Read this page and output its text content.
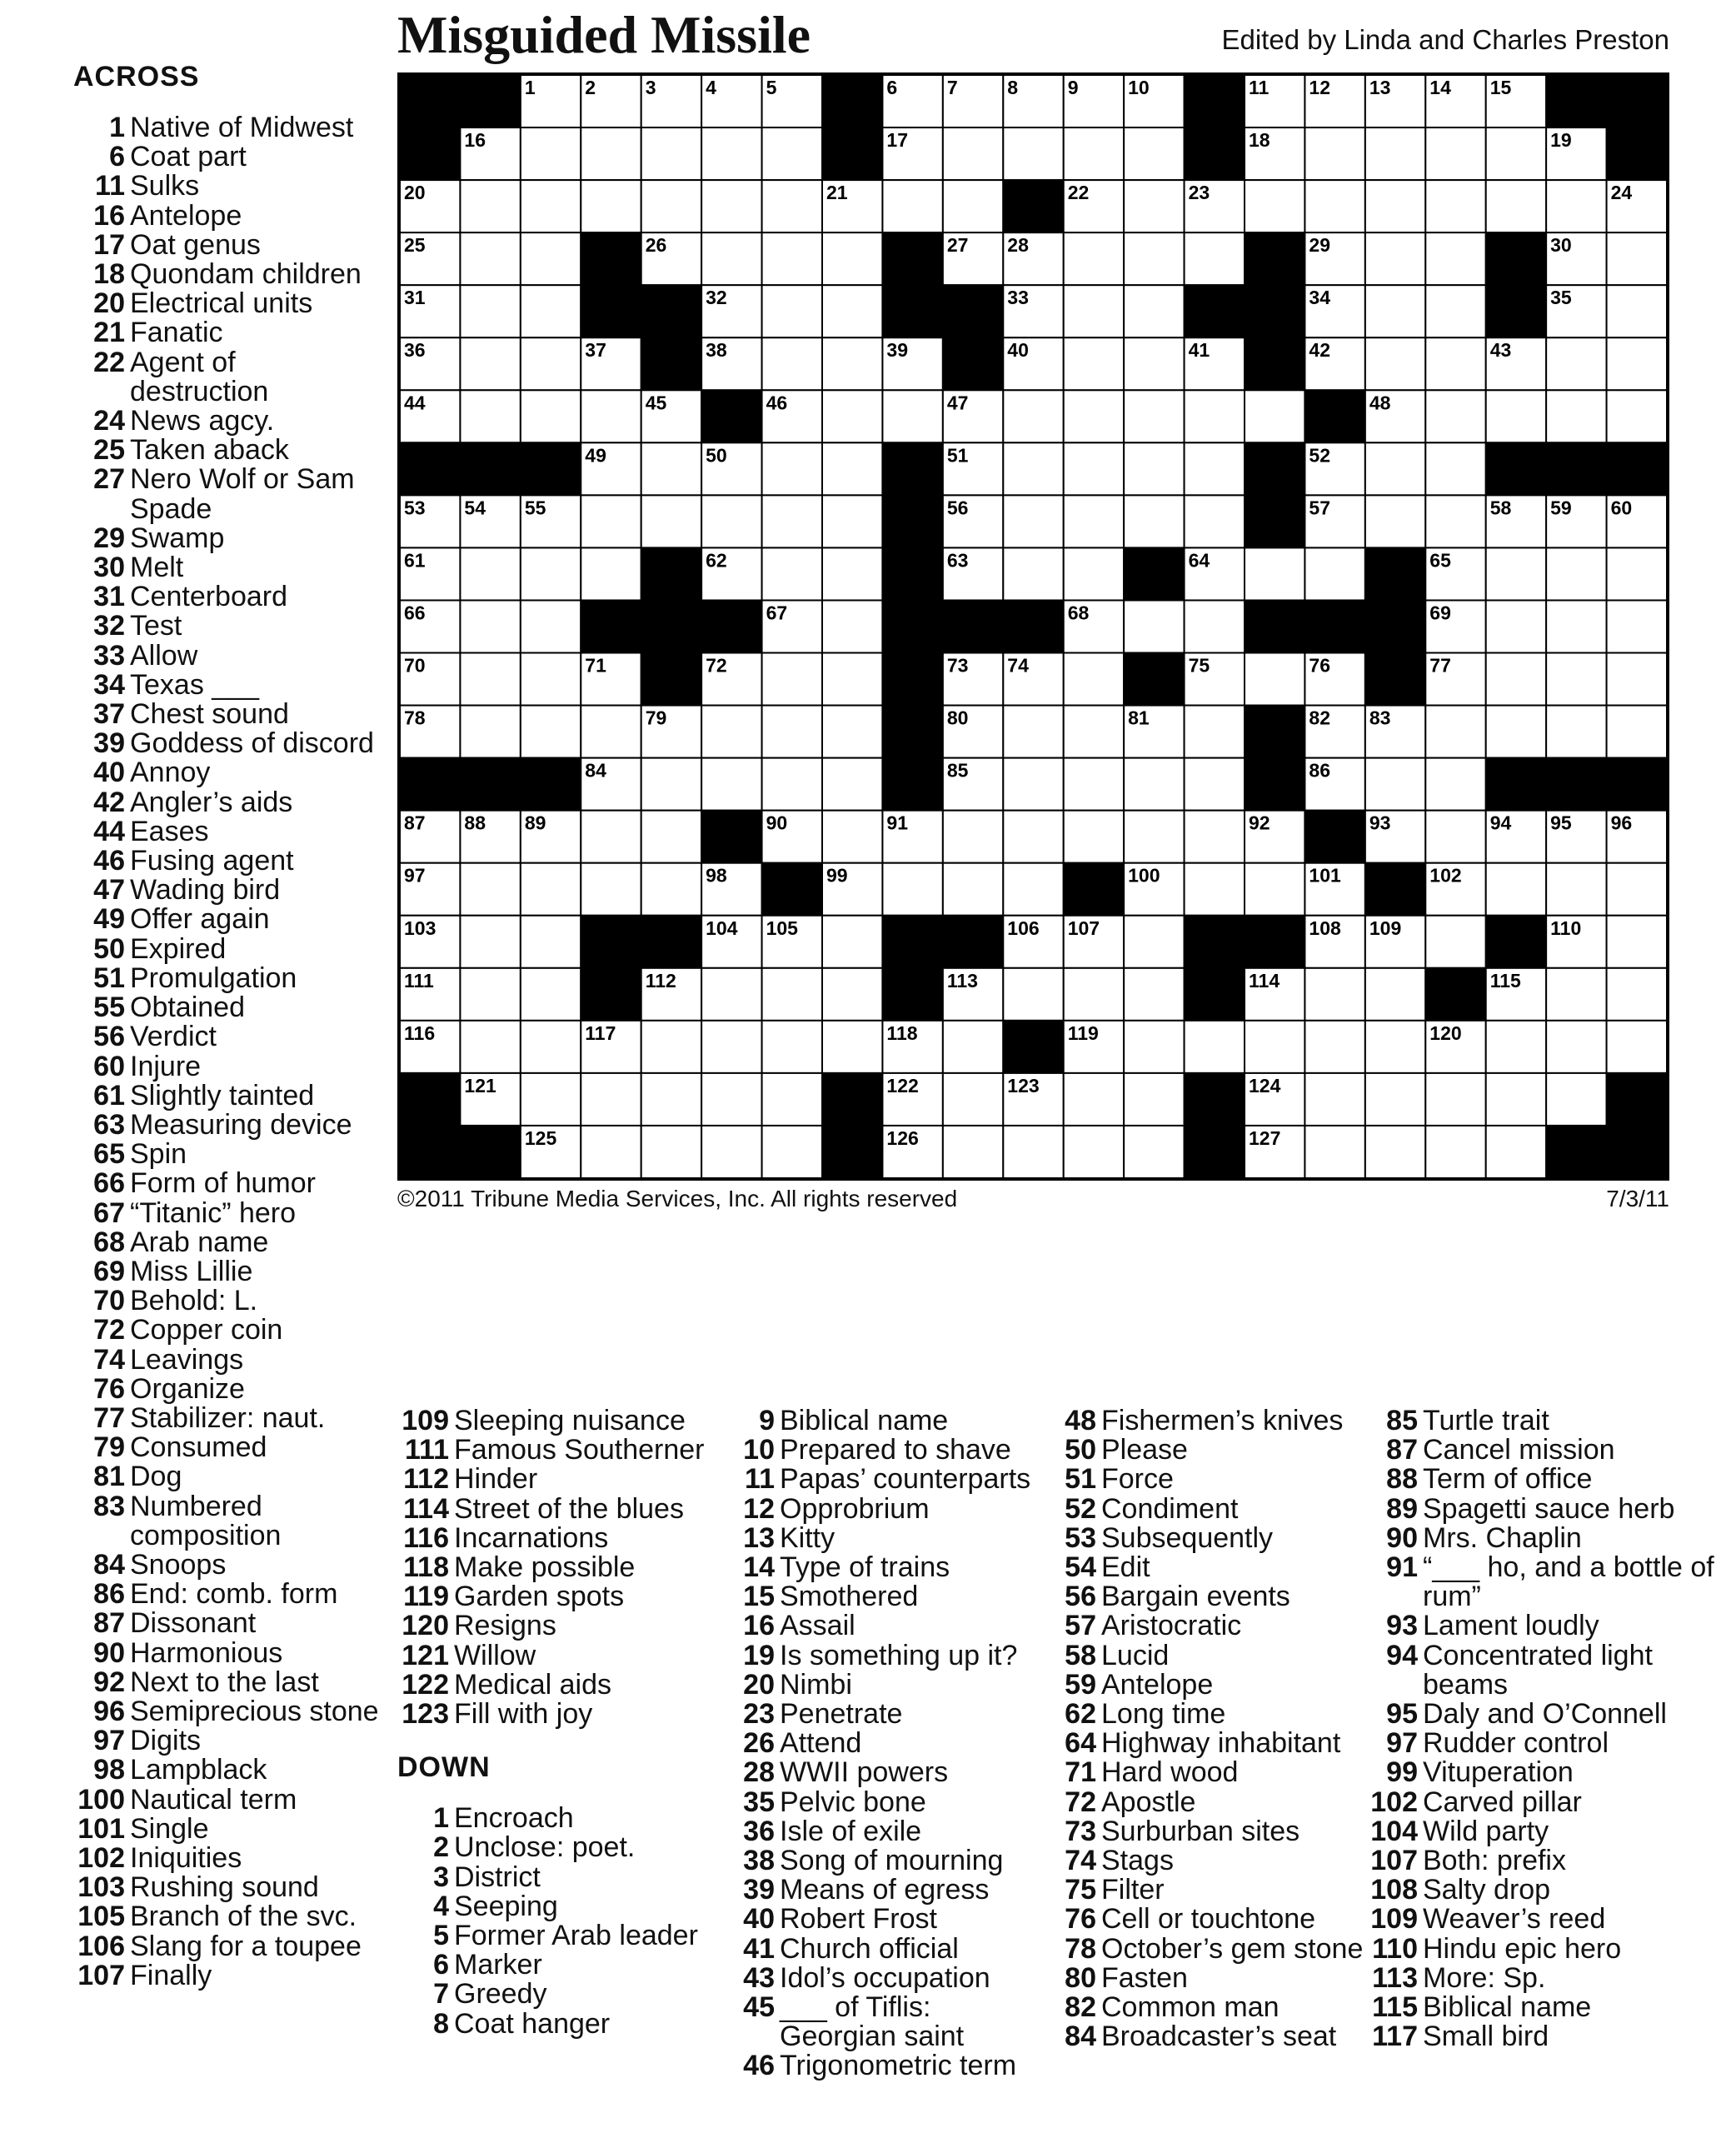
Misguided Missile	Edited by Linda and Charles Preston
1	2	3	4	5	6	7	8	9	10	11 12 13 14 15
16	17	18	19
20	21	22	23	24
25	26	27 28	29	30
31	32	33	34	35
36	37	38	39	40	41	42	43
44	45	46	47	48
49	50	51	52
53 54 55	56	57	58 59 60
61	62	63	64	65
66	67	68	69
70	71	72	73 74	75	76	77
78	79	80	81	82 83
84	85	86
87 88 89	90	91	92	93	94 95 96
97	98	99	100	101	102
103	104 105	106 107	108 109	110
111	112	113	114	115
116	117	118	119	120
121	122	123	124
125	126	127
©2011 Tribune Media Services, Inc. All rights reserved	7/3/11
ACROSS
1 Native of Midwest
6 Coat part
11 Sulks
16 Antelope
17 Oat genus
18 Quondam children
20 Electrical units
21 Fanatic
22 Agent of destruction
24 News agcy.
25 Taken aback
27 Nero Wolf or Sam Spade
29 Swamp
30 Melt
31 Centerboard
32 Test
33 Allow
34 Texas ___
37 Chest sound
39 Goddess of discord
40 Annoy
42 Angler’s aids
44 Eases
46 Fusing agent
47 Wading bird
49 Offer again
50 Expired
51 Promulgation
55 Obtained
56 Verdict
60 Injure
61 Slightly tainted
63 Measuring device
65 Spin
66 Form of humor
67 “Titanic” hero
68 Arab name
69 Miss Lillie
70 Behold: L.
72 Copper coin
74 Leavings
76 Organize
77 Stabilizer: naut.
79 Consumed
81 Dog
83 Numbered composition
84 Snoops
86 End: comb. form
87 Dissonant
90 Harmonious
92 Next to the last
96 Semiprecious stone
97 Digits
98 Lampblack
100 Nautical term
101 Single
102 Iniquities
103 Rushing sound
105 Branch of the svc.
106 Slang for a toupee
107 Finally
109 Sleeping nuisance
111 Famous Southerner
112 Hinder
114 Street of the blues
116 Incarnations
118 Make possible
119 Garden spots
120 Resigns
121 Willow
122 Medical aids
123 Fill with joy
DOWN
1 Encroach
2 Unclose: poet.
3 District
4 Seeping
5 Former Arab leader
6 Marker
7 Greedy
8 Coat hanger
9 Biblical name
10 Prepared to shave
11 Papas’ counterparts
12 Opprobrium
13 Kitty
14 Type of trains
15 Smothered
16 Assail
19 Is something up it?
20 Nimbi
23 Penetrate
26 Attend
28 WWII powers
35 Pelvic bone
36 Isle of exile
38 Song of mourning
39 Means of egress
40 Robert Frost
41 Church official
43 Idol’s occupation
45 ___ of Tiflis: Georgian saint
46 Trigonometric term
48 Fishermen’s knives
50 Please
51 Force
52 Condiment
53 Subsequently
54 Edit
56 Bargain events
57 Aristocratic
58 Lucid
59 Antelope
62 Long time
64 Highway inhabitant
71 Hard wood
72 Apostle
73 Surburban sites
74 Stags
75 Filter
76 Cell or touchtone
78 October’s gem stone
80 Fasten
82 Common man
84 Broadcaster’s seat
85 Turtle trait
87 Cancel mission
88 Term of office
89 Spagetti sauce herb
90 Mrs. Chaplin
91 “___ ho, and a bottle of rum”
93 Lament loudly
94 Concentrated light beams
95 Daly and O’Connell
97 Rudder control
99 Vituperation
102 Carved pillar
104 Wild party
107 Both: prefix
108 Salty drop
109 Weaver’s reed
110 Hindu epic hero
113 More: Sp.
115 Biblical name
117 Small bird
